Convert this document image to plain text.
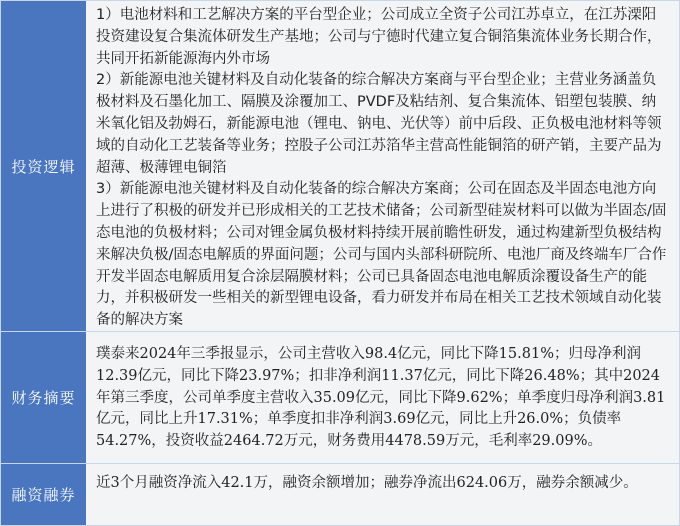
投资逻辑

1）电池材料和工艺解决方案的平台型企业；公司成立全资子公司江苏卓立，在江苏溧阳投资建设复合集流体研发生产基地；公司与宁德时代建立复合铜箔集流体业务长期合作，共同开拓新能源海内外市场

2）新能源电池关键材料及自动化装备的综合解决方案商与平台型企业；主营业务涵盖负极材料及石墨化加工、隔膜及涂覆加工、PVDF及粘结剂、复合集流体、铝塑包装膜、纳米氧化铝及勃姆石，新能源电池（锂电、钠电、光伏等）前中后段、正负极电池材料等领域的自动化工艺装备等业务；控股子公司江苏箔华主营高性能铜箔的研产销，主要产品为超薄、极薄锂电铜箔

3）新能源电池关键材料及自动化装备的综合解决方案商；公司在固态及半固态电池方向上进行了积极的研发并已形成相关的工艺技术储备；公司新型硅炭材料可以做为半固态/固态电池的负极材料；公司对锂金属负极材料持续开展前瞻性研发，通过构建新型负极结构来解决负极/固态电解质的界面问题；公司与国内头部科研院所、电池厂商及终端车厂合作开发半固态电解质用复合涂层隔膜材料；公司已具备固态电池电解质涂覆设备生产的能力，并积极研发一些相关的新型锂电设备，看力研发并布局在相关工艺技术领域自动化装备的解决方案

财务摘要

璞泰来2024年三季报显示，公司主营收入98.4亿元，同比下降15.81%；归母净利润12.39亿元，同比下降23.97%；扣非净利润11.37亿元，同比下降26.48%；其中2024年第三季度，公司单季度主营收入35.09亿元，同比下降9.62%；单季度归母净利润3.81亿元，同比上升17.31%；单季度扣非净利润3.69亿元，同比上升26.0%；负债率54.27%，投资收益2464.72万元，财务费用4478.59万元，毛利率29.09%。

融资融券

近3个月融资净流入42.1万，融资余额增加；融券净流出624.06万，融券余额减少。
